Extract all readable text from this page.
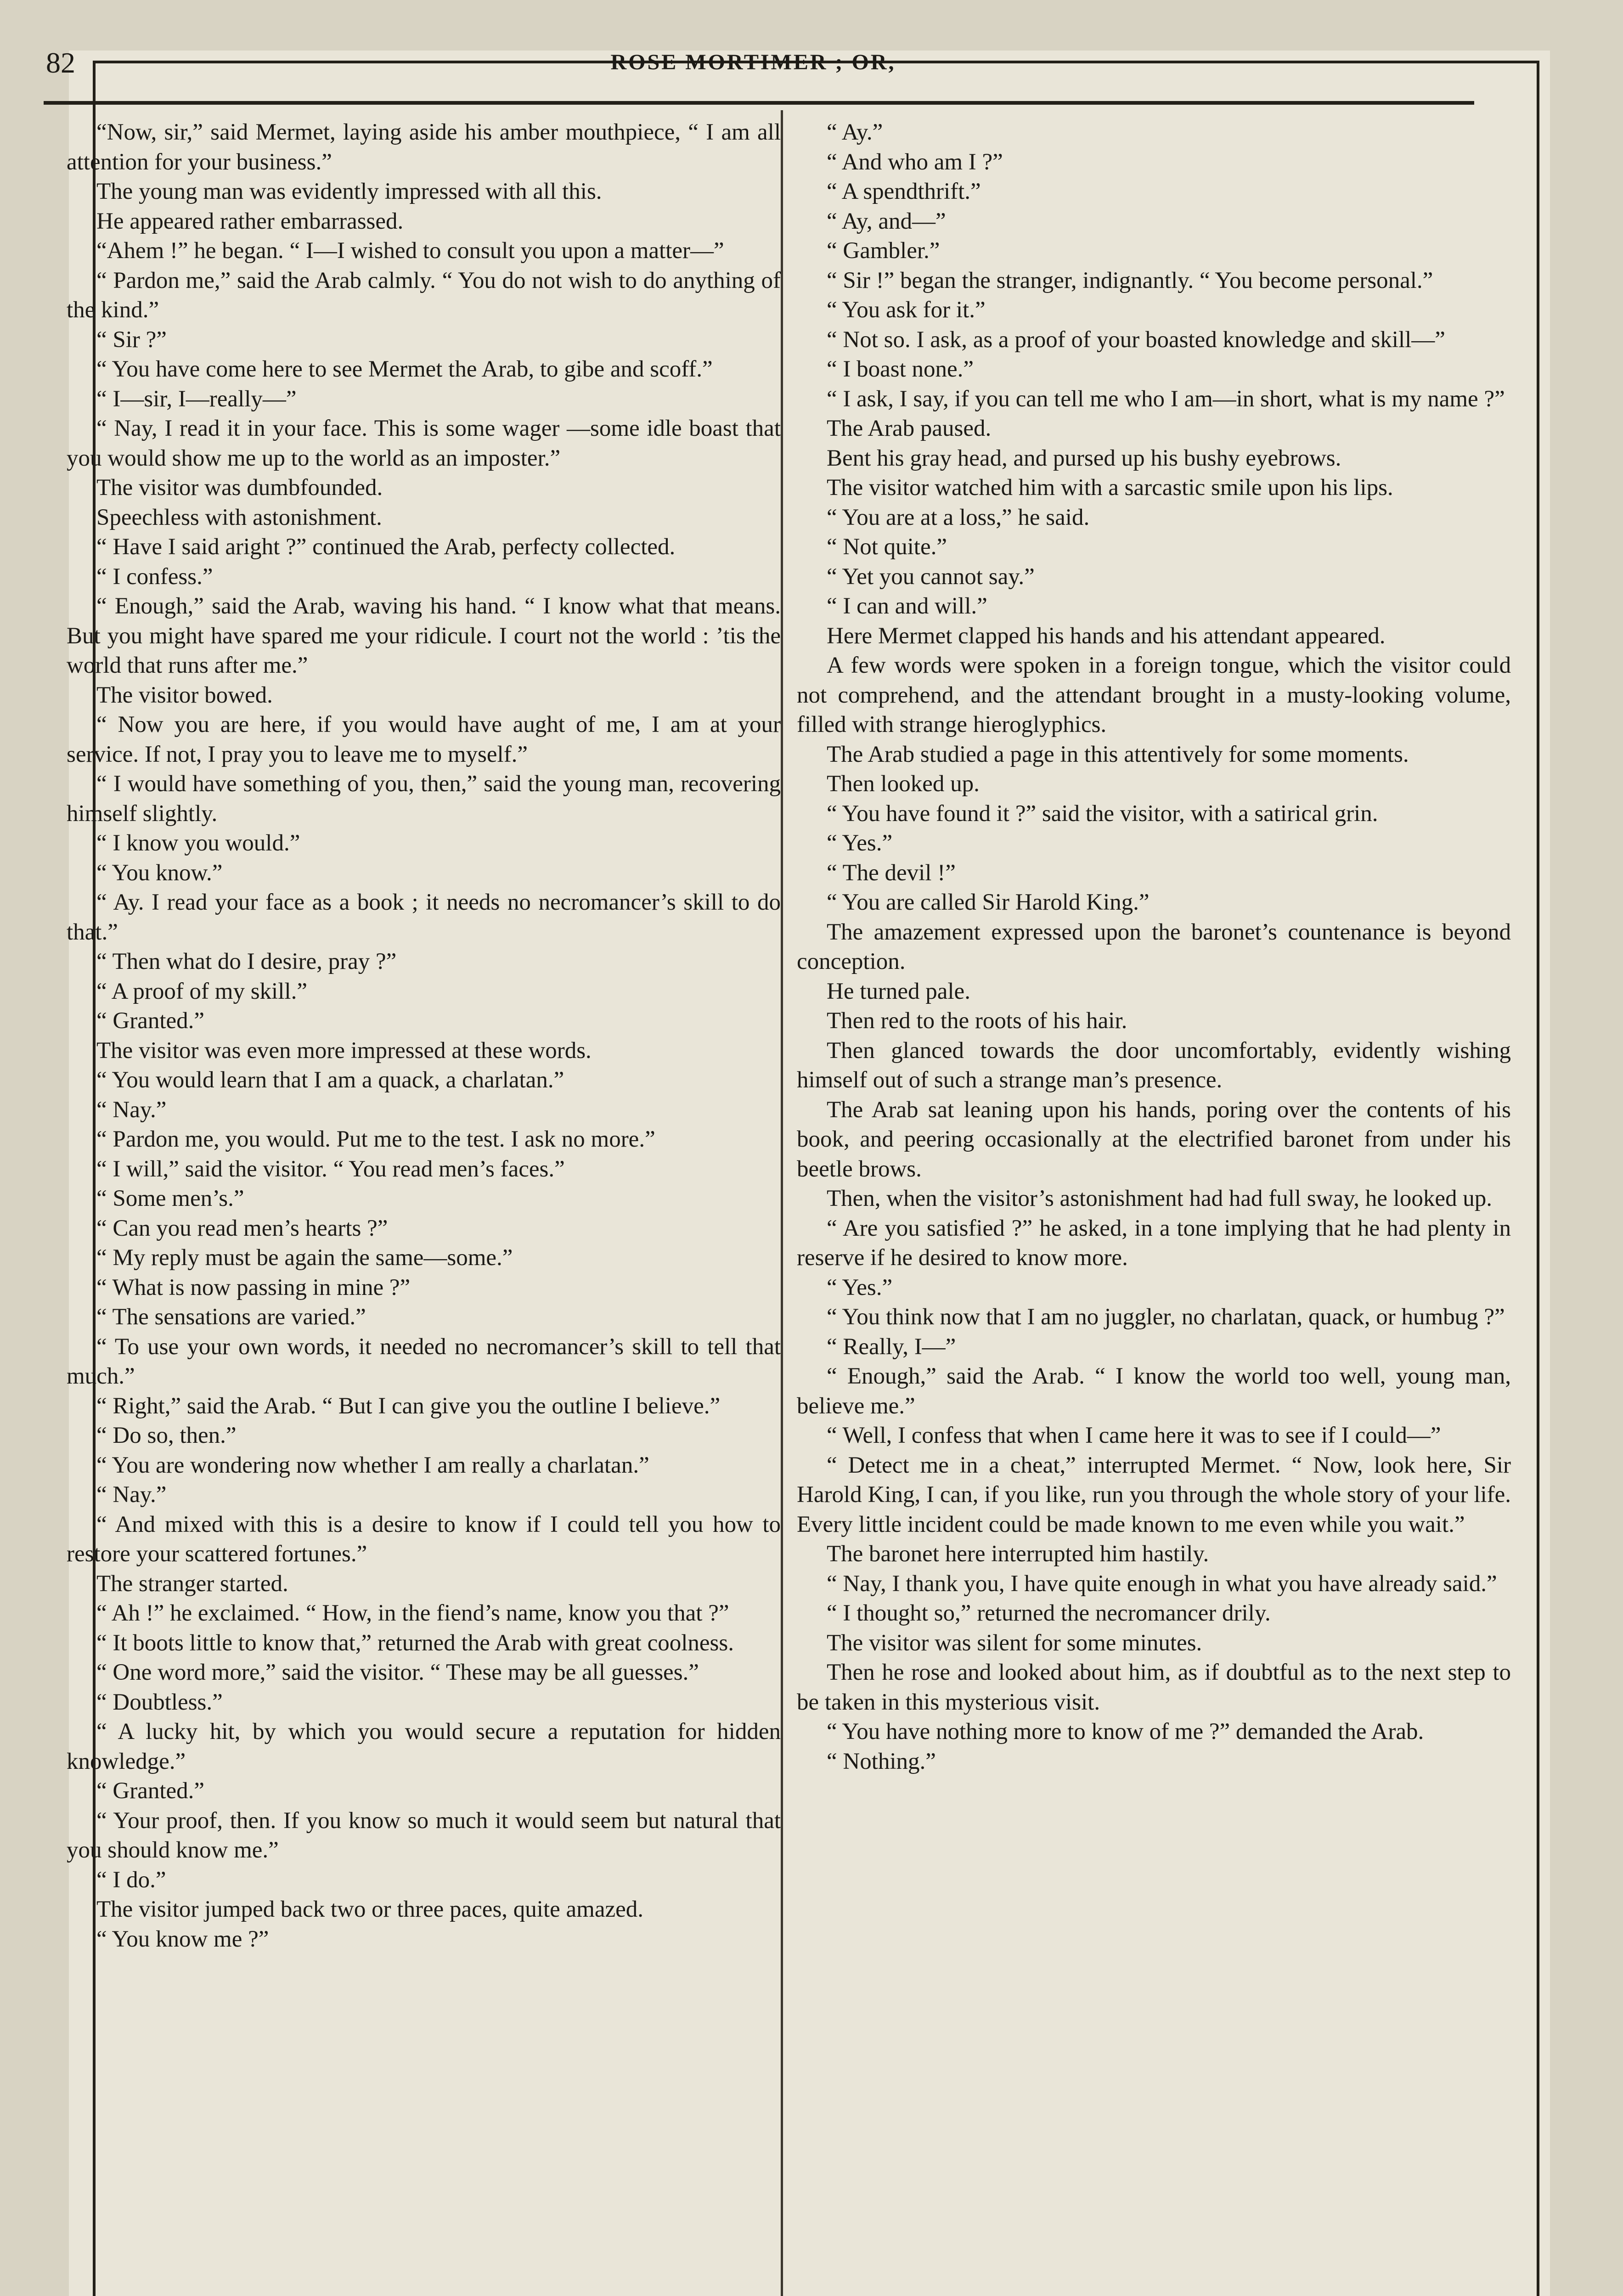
82	ROSE MORTIMER ; OR,

“Now, sir,” said Mermet, laying aside his amber mouthpiece, “ I am all attention for your business.”

The young man was evidently impressed with all this.

He appeared rather embarrassed.

“Ahem !” he began. “ I—I wished to consult you upon a matter—”

“ Pardon me,” said the Arab calmly. “ You do not wish to do anything of the kind.”

“ Sir ?”

“ You have come here to see Mermet the Arab, to gibe and scoff.”

“ I—sir, I—really—”

“ Nay, I read it in your face. This is some wager —some idle boast that you would show me up to the world as an imposter.”

The visitor was dumbfounded.

Speechless with astonishment.

“ Have I said aright ?” continued the Arab, perfecty collected.

“ I confess.”

“ Enough,” said the Arab, waving his hand. “ I know what that means. But you might have spared me your ridicule. I court not the world : ’tis the world that runs after me.”

The visitor bowed.

“ Now you are here, if you would have aught of me, I am at your service. If not, I pray you to leave me to myself.”

“ I would have something of you, then,” said the young man, recovering himself slightly.

“ I know you would.”

“ You know.”

“ Ay. I read your face as a book ; it needs no necromancer’s skill to do that.”

“ Then what do I desire, pray ?”

“ A proof of my skill.”

“ Granted.”

The visitor was even more impressed at these words.

“ You would learn that I am a quack, a charlatan.”

“ Nay.”

“ Pardon me, you would. Put me to the test. I ask no more.”

“ I will,” said the visitor. “ You read men’s faces.”

“ Some men’s.”

“ Can you read men’s hearts ?”

“ My reply must be again the same—some.”

“ What is now passing in mine ?”

“ The sensations are varied.”

“ To use your own words, it needed no necromancer’s skill to tell that much.”

“ Right,” said the Arab. “ But I can give you the outline I believe.”

“ Do so, then.”

“ You are wondering now whether I am really a charlatan.”

“ Nay.”

“ And mixed with this is a desire to know if I could tell you how to restore your scattered fortunes.”

The stranger started.

“ Ah !” he exclaimed. “ How, in the fiend’s name, know you that ?”

“ It boots little to know that,” returned the Arab with great coolness.

“ One word more,” said the visitor. “ These may be all guesses.”

“ Doubtless.”

“ A lucky hit, by which you would secure a reputation for hidden knowledge.”

“ Granted.”

“ Your proof, then. If you know so much it would seem but natural that you should know me.”

“ I do.”

The visitor jumped back two or three paces, quite amazed.

“ You know me ?”

“ Ay.”

“ And who am I ?”

“ A spendthrift.”

“ Ay, and—”

“ Gambler.”

“ Sir !” began the stranger, indignantly. “ You become personal.”

“ You ask for it.”

“ Not so. I ask, as a proof of your boasted knowledge and skill—”

“ I boast none.”

“ I ask, I say, if you can tell me who I am—in short, what is my name ?”

The Arab paused.

Bent his gray head, and pursed up his bushy eyebrows.

The visitor watched him with a sarcastic smile upon his lips.

“ You are at a loss,” he said.

“ Not quite.”

“ Yet you cannot say.”

“ I can and will.”

Here Mermet clapped his hands and his attendant appeared.

A few words were spoken in a foreign tongue, which the visitor could not comprehend, and the attendant brought in a musty-looking volume, filled with strange hieroglyphics.

The Arab studied a page in this attentively for some moments.

Then looked up.

“ You have found it ?” said the visitor, with a satirical grin.

“ Yes.”

“ The devil !”

“ You are called Sir Harold King.”

The amazement expressed upon the baronet’s countenance is beyond conception.

He turned pale.

Then red to the roots of his hair.

Then glanced towards the door uncomfortably, evidently wishing himself out of such a strange man’s presence.

The Arab sat leaning upon his hands, poring over the contents of his book, and peering occasionally at the electrified baronet from under his beetle brows.

Then, when the visitor’s astonishment had had full sway, he looked up.

“ Are you satisfied ?” he asked, in a tone implying that he had plenty in reserve if he desired to know more.

“ Yes.”

“ You think now that I am no juggler, no charlatan, quack, or humbug ?”

“ Really, I—”

“ Enough,” said the Arab. “ I know the world too well, young man, believe me.”

“ Well, I confess that when I came here it was to see if I could—”

“ Detect me in a cheat,” interrupted Mermet. “ Now, look here, Sir Harold King, I can, if you like, run you through the whole story of your life. Every little incident could be made known to me even while you wait.”

The baronet here interrupted him hastily.

“ Nay, I thank you, I have quite enough in what you have already said.”

“ I thought so,” returned the necromancer drily.

The visitor was silent for some minutes.

Then he rose and looked about him, as if doubtful as to the next step to be taken in this mysterious visit.

“ You have nothing more to know of me ?” demanded the Arab.

“ Nothing.”
